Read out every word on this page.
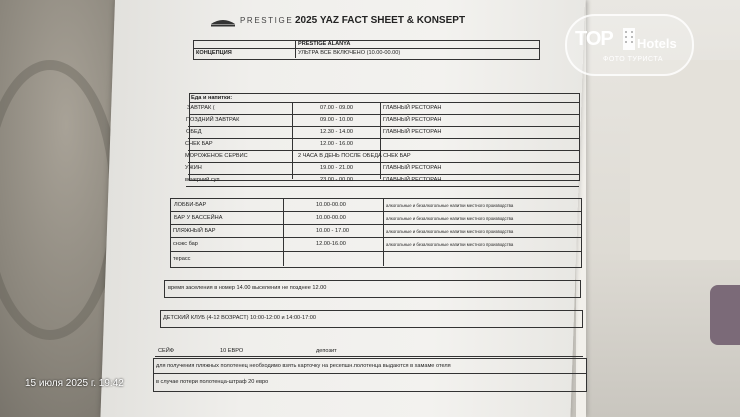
PRESTIGE 2025 YAZ FACT SHEET & KONSEPT
PRESTIGE ALANYA
КОНЦЕПЦИЯ	УЛЬТРА ВСЕ ВКЛЮЧЕНО (10.00-00.00)
Еда и напитки:
ЗАВТРАК (	07.00 - 09.00	ГЛАВНЫЙ РЕСТОРАН
ПОЗДНИЙ ЗАВТРАК	09.00 - 10.00	ГЛАВНЫЙ РЕСТОРАН
ОБЕД	12.30 - 14.00	ГЛАВНЫЙ РЕСТОРАН
СНЕК БАР	12.00 - 16.00
МОРОЖЕНОЕ СЕРВИС	2 ЧАСА В ДЕНЬ ПОСЛЕ ОБЕДА СНЕК БАР
УЖИН	19.00 - 21.00	ГЛАВНЫЙ РЕСТОРАН
вечерний суп	23.00 - 00.00	ГЛАВНЫЙ РЕСТОРАН
ЛОББИ-БАР	10.00-00.00	алкогольные и безалкогольные напитки местного производства
БАР У БАССЕЙНА	10.00-00.00	алкогольные и безалкогольные напитки местного производства
ПЛЯЖНЫЙ БАР	10.00 - 17.00	алкогольные и безалкогольные напитки местного производства
снэкс бар	12.00-16.00	алкогольные и безалкогольные напитки местного производства
терасс
время заселения в номер 14.00 выселения не позднее 12.00
ДЕТСКИЙ КЛУБ (4-12 ВОЗРАСТ) 10:00-12:00 и 14:00-17:00
СЕЙФ	10 ЕВРО	депозит
для получения пляжных полотенец необходимо взять карточку на ресепшн.полотенца выдаются в хамаме отеля
в случае потери полотенца-штраф 20 евро
15 июля 2025 г. 19:42
TOP Hotels
ФОТО ТУРИСТА
